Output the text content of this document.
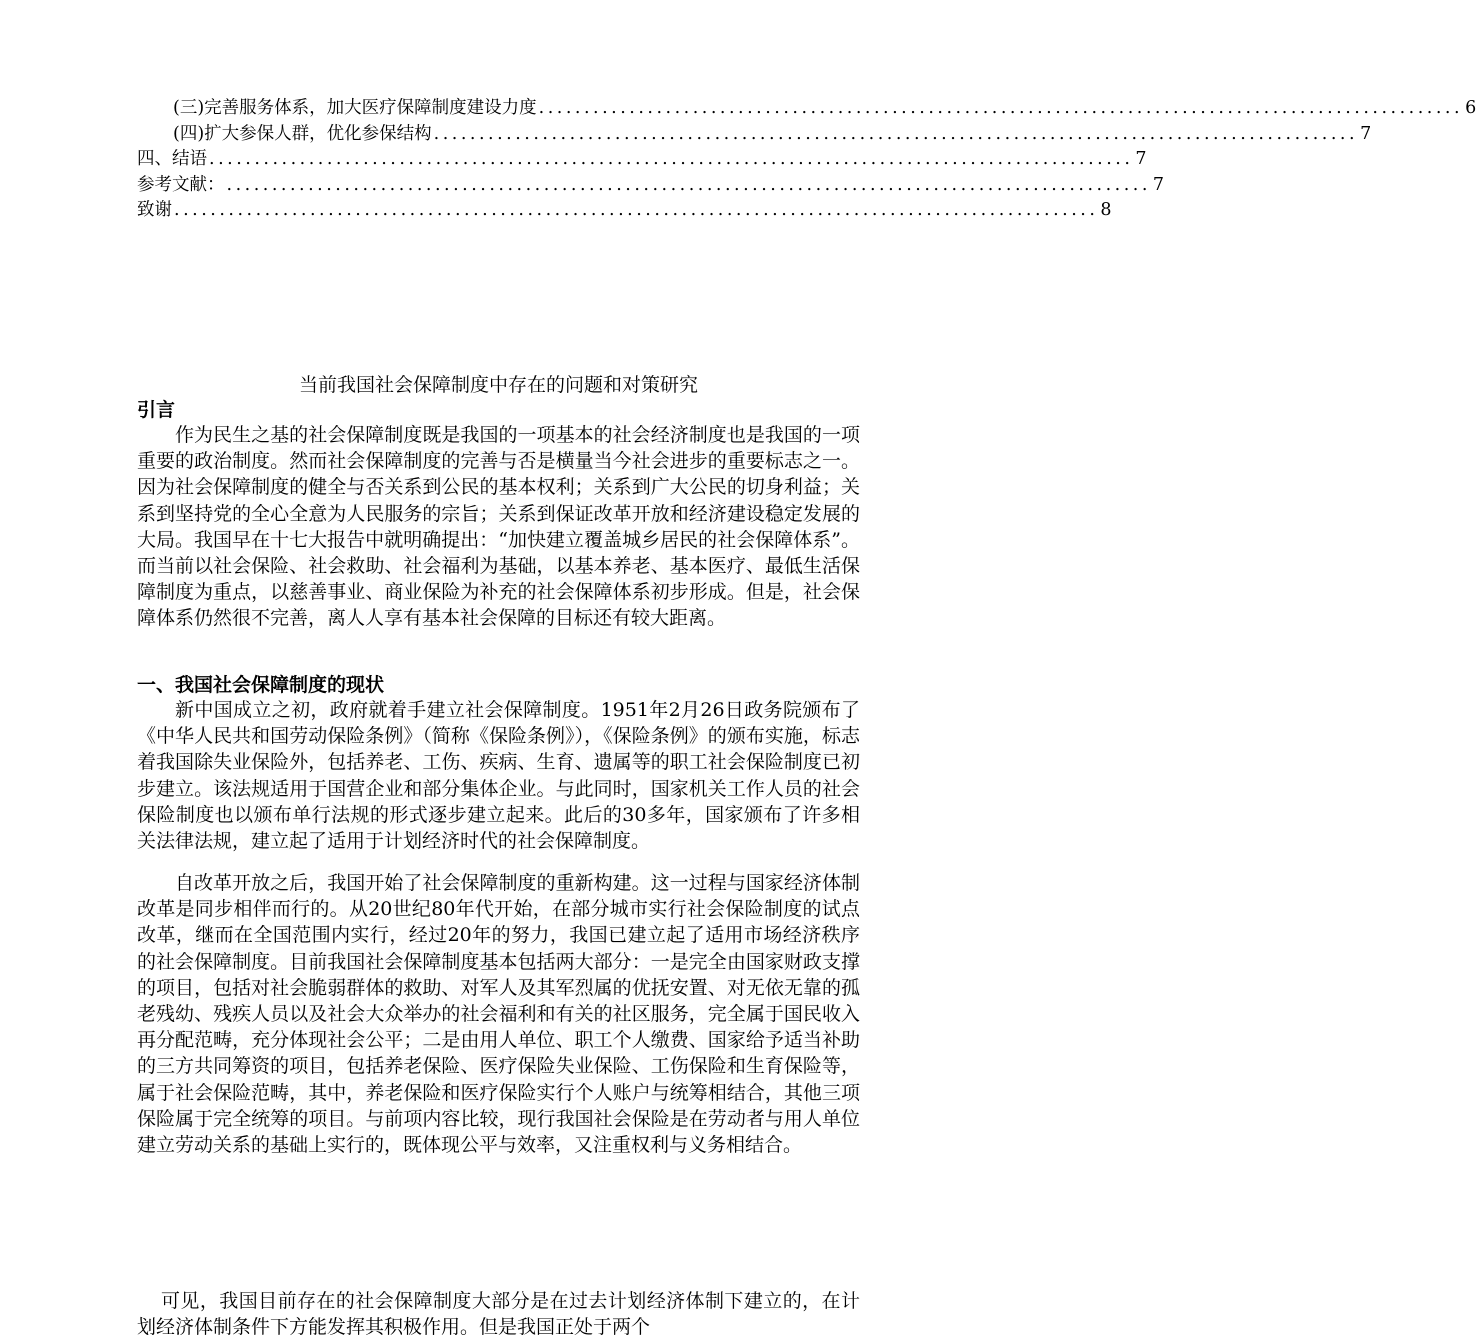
(三)完善服务体系，加大医疗保障制度建设力度 ...................................................................................................... 6
(四)扩大参保人群，优化参保结构 ...................................................................................................... 7
四、结语 ...................................................................................................... 7
参考文献： ...................................................................................................... 7
致谢 ...................................................................................................... 8
当前我国社会保障制度中存在的问题和对策研究
引言

作为民生之基的社会保障制度既是我国的一项基本的社会经济制度也是我国的一项重要的政治制度。然而社会保障制度的完善与否是横量当今社会进步的重要标志之一。因为社会保障制度的健全与否关系到公民的基本权利；关系到广大公民的切身利益；关系到坚持党的全心全意为人民服务的宗旨；关系到保证改革开放和经济建设稳定发展的大局。我国早在十七大报告中就明确提出：“加快建立覆盖城乡居民的社会保障体系”。而当前以社会保险、社会救助、社会福利为基础，以基本养老、基本医疗、最低生活保障制度为重点，以慈善事业、商业保险为补充的社会保障体系初步形成。但是，社会保障体系仍然很不完善，离人人享有基本社会保障的目标还有较大距离。

一、我国社会保障制度的现状

新中国成立之初，政府就着手建立社会保障制度。1951年2月26日政务院颁布了《中华人民共和国劳动保险条例》（简称《保险条例》），《保险条例》的颁布实施，标志着我国除失业保险外，包括养老、工伤、疾病、生育、遗属等的职工社会保险制度已初步建立。该法规适用于国营企业和部分集体企业。与此同时，国家机关工作人员的社会保险制度也以颁布单行法规的形式逐步建立起来。此后的30多年，国家颁布了许多相关法律法规，建立起了适用于计划经济时代的社会保障制度。

自改革开放之后，我国开始了社会保障制度的重新构建。这一过程与国家经济体制改革是同步相伴而行的。从20世纪80年代开始，在部分城市实行社会保险制度的试点改革，继而在全国范围内实行，经过20年的努力，我国已建立起了适用市场经济秩序的社会保障制度。目前我国社会保障制度基本包括两大部分：一是完全由国家财政支撑的项目，包括对社会脆弱群体的救助、对军人及其军烈属的优抚安置、对无依无靠的孤老残幼、残疾人员以及社会大众举办的社会福利和有关的社区服务，完全属于国民收入再分配范畴，充分体现社会公平；二是由用人单位、职工个人缴费、国家给予适当补助的三方共同筹资的项目，包括养老保险、医疗保险失业保险、工伤保险和生育保险等，属于社会保险范畴，其中，养老保险和医疗保险实行个人账户与统筹相结合，其他三项保险属于完全统筹的项目。与前项内容比较，现行我国社会保险是在劳动者与用人单位建立劳动关系的基础上实行的，既体现公平与效率，又注重权利与义务相结合。

可见，我国目前存在的社会保障制度大部分是在过去计划经济体制下建立的，在计划经济体制条件下方能发挥其积极作用。但是我国正处于两个
